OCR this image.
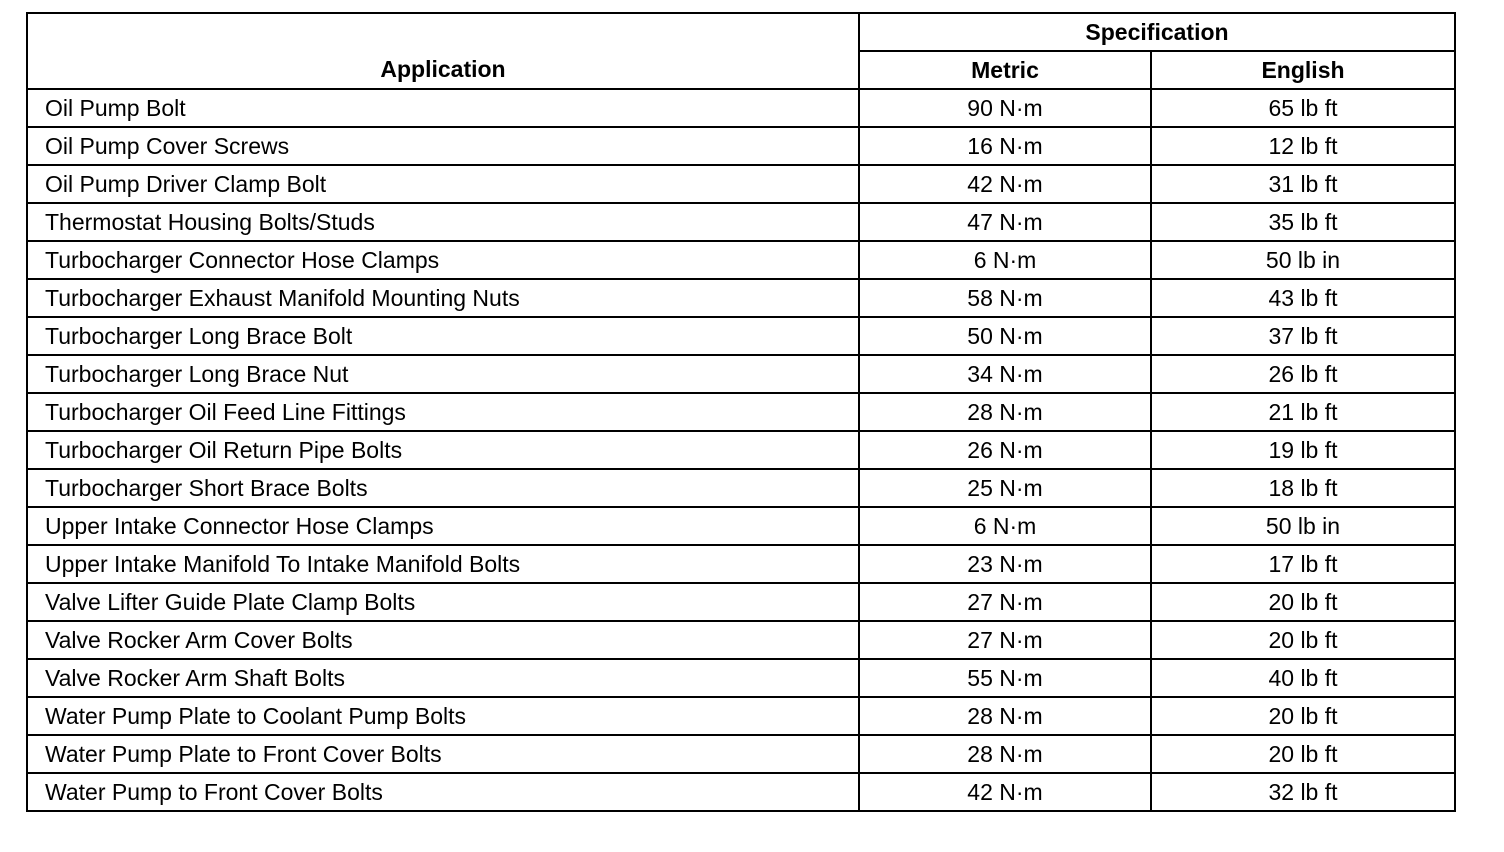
Application	Specification	
	Metric	English
Oil Pump Bolt	90 N·m	65 lb ft
Oil Pump Cover Screws	16 N·m	12 lb ft
Oil Pump Driver Clamp Bolt	42 N·m	31 lb ft
Thermostat Housing Bolts/Studs	47 N·m	35 lb ft
Turbocharger Connector Hose Clamps	6 N·m	50 lb in
Turbocharger Exhaust Manifold Mounting Nuts	58 N·m	43 lb ft
Turbocharger Long Brace Bolt	50 N·m	37 lb ft
Turbocharger Long Brace Nut	34 N·m	26 lb ft
Turbocharger Oil Feed Line Fittings	28 N·m	21 lb ft
Turbocharger Oil Return Pipe Bolts	26 N·m	19 lb ft
Turbocharger Short Brace Bolts	25 N·m	18 lb ft
Upper Intake Connector Hose Clamps	6 N·m	50 lb in
Upper Intake Manifold To Intake Manifold Bolts	23 N·m	17 lb ft
Valve Lifter Guide Plate Clamp Bolts	27 N·m	20 lb ft
Valve Rocker Arm Cover Bolts	27 N·m	20 lb ft
Valve Rocker Arm Shaft Bolts	55 N·m	40 lb ft
Water Pump Plate to Coolant Pump Bolts	28 N·m	20 lb ft
Water Pump Plate to Front Cover Bolts	28 N·m	20 lb ft
Water Pump to Front Cover Bolts	42 N·m	32 lb ft
